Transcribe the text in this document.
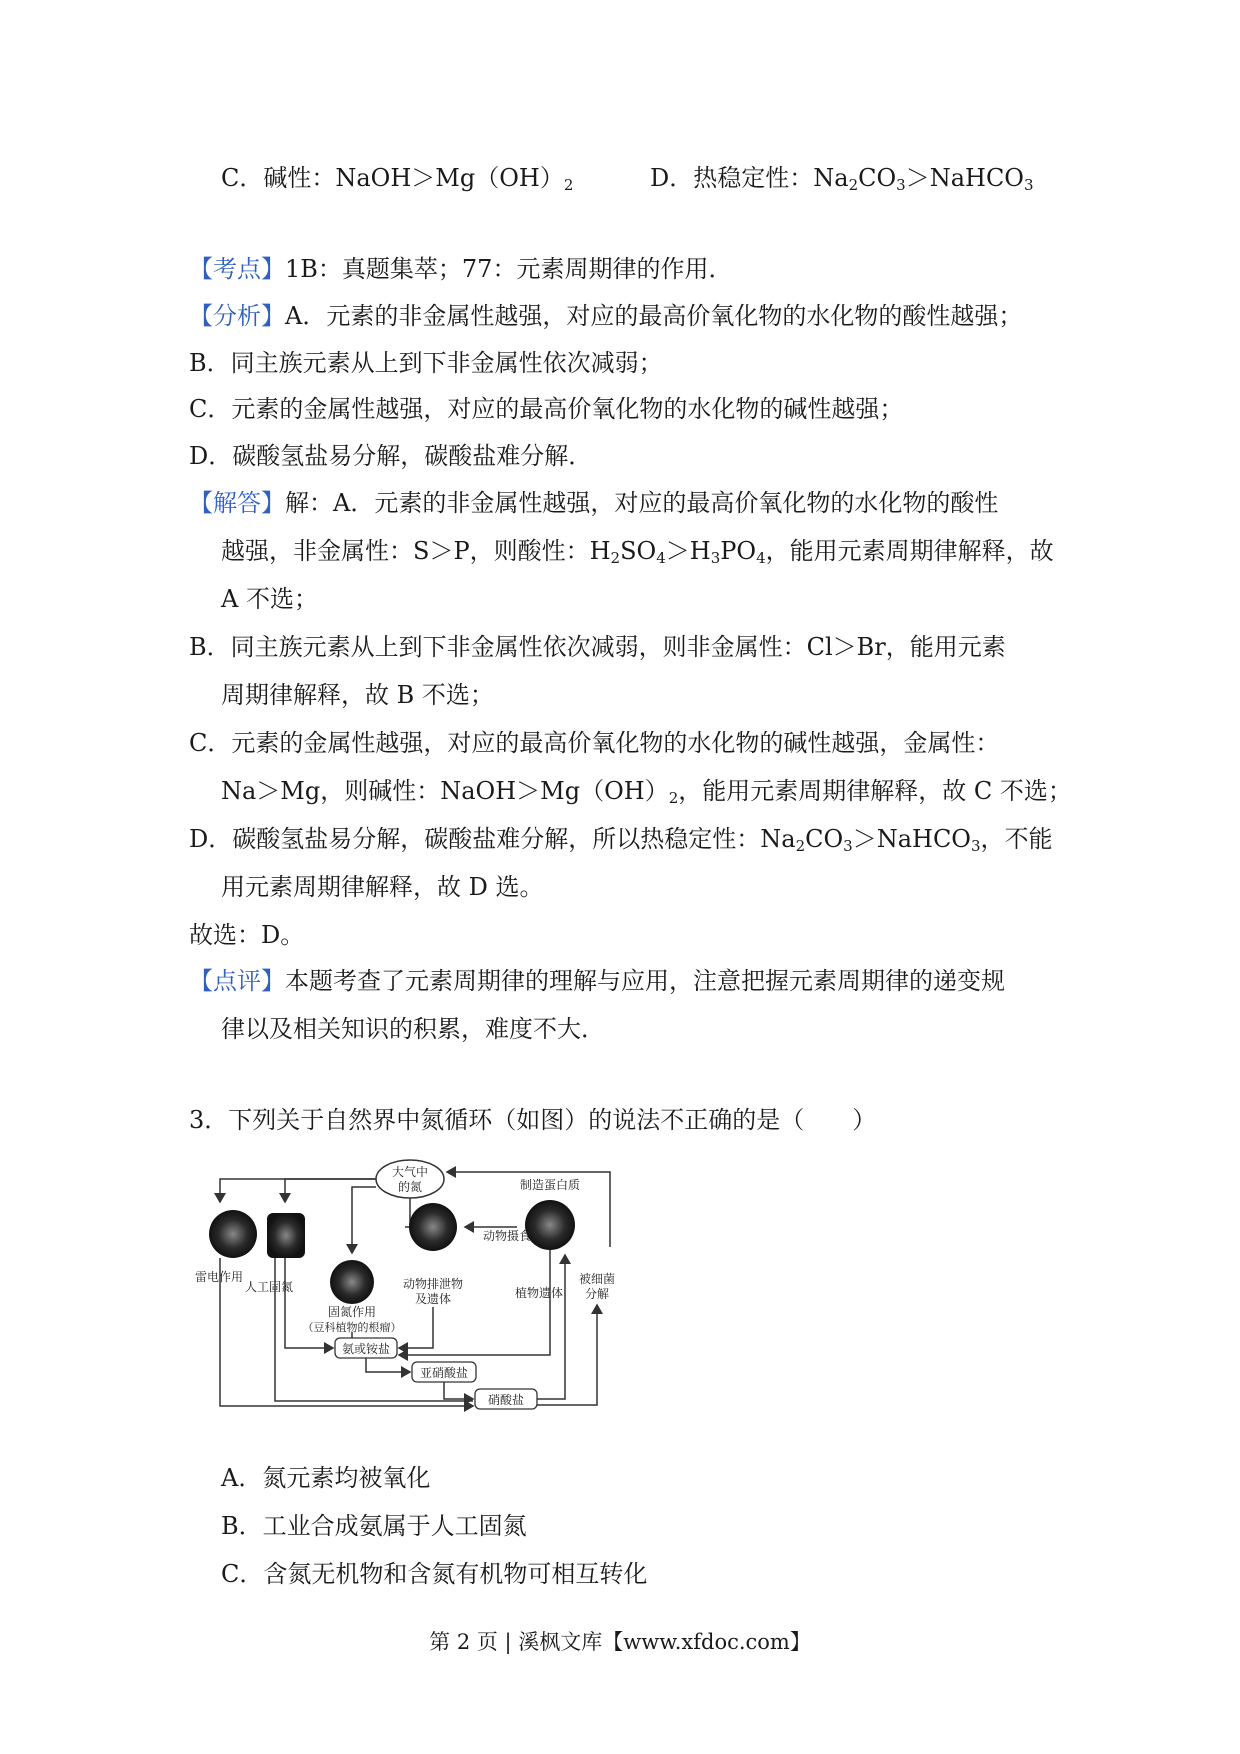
C．碱性：$NaOH>Mg(OH)_2$	D．热稳定性：$Na_2CO_3>NaHCO_3$
【考点】1B：真题集萃；77：元素周期律的作用．
【分析】A．元素的非金属性越强，对应的最高价氧化物的水化物的酸性越强；
B．同主族元素从上到下非金属性依次减弱；
C．元素的金属性越强，对应的最高价氧化物的水化物的碱性越强；
D．碳酸氢盐易分解，碳酸盐难分解．
【解答】解：A．元素的非金属性越强，对应的最高价氧化物的水化物的酸性
越强，非金属性：S＞P，则酸性：$H_2SO_4>H_3PO_4$，能用元素周期律解释，故
A 不选；
B．同主族元素从上到下非金属性依次减弱，则非金属性：Cl＞Br，能用元素
周期律解释，故 B 不选；
C．元素的金属性越强，对应的最高价氧化物的水化物的碱性越强，金属性：
Na＞Mg，则碱性：$NaOH>Mg(OH)_2$，能用元素周期律解释，故 C 不选；
D．碳酸氢盐易分解，碳酸盐难分解，所以热稳定性：$Na_2CO_3>NaHCO_3$，不能
用元素周期律解释，故 D 选。
故选：D。
【点评】本题考查了元素周期律的理解与应用，注意把握元素周期律的递变规
律以及相关知识的积累，难度不大．
3．下列关于自然界中氮循环（如图）的说法不正确的是（　　）
大气中
的氮
雷电作用
人工固氮
固氮作用
（豆科植物的根瘤）
动物排泄物
及遗体
动物摄食
制造蛋白质
植物遗体
被细菌
分解
氨或铵盐
亚硝酸盐
硝酸盐
A．氮元素均被氧化
B．工业合成氨属于人工固氮
C．含氮无机物和含氮有机物可相互转化
第 2 页 | 溪枫文库【www.xfdoc.com】
